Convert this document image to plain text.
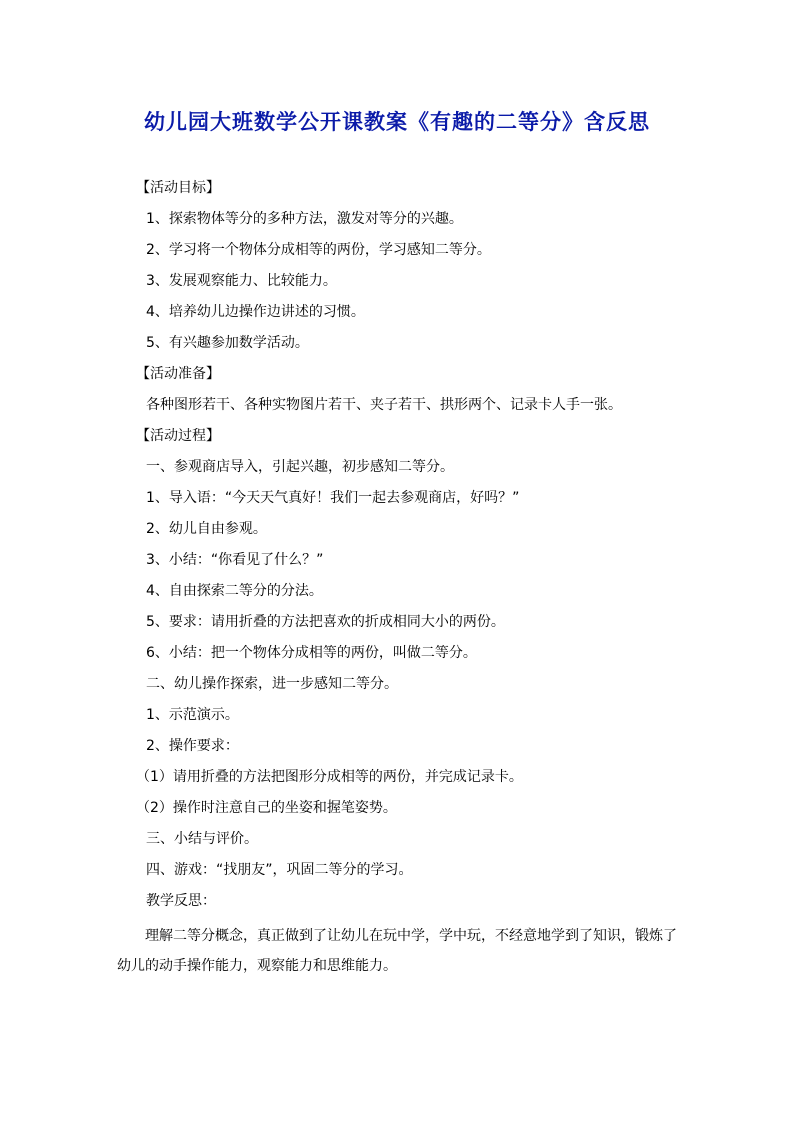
幼儿园大班数学公开课教案《有趣的二等分》含反思
【活动目标】
1、探索物体等分的多种方法，激发对等分的兴趣。
2、学习将一个物体分成相等的两份，学习感知二等分。
3、发展观察能力、比较能力。
4、培养幼儿边操作边讲述的习惯。
5、有兴趣参加数学活动。
【活动准备】
各种图形若干、各种实物图片若干、夹子若干、拱形两个、记录卡人手一张。
【活动过程】
一、参观商店导入，引起兴趣，初步感知二等分。
1、导入语：“今天天气真好！我们一起去参观商店，好吗？”
2、幼儿自由参观。
3、小结：“你看见了什么？”
4、自由探索二等分的分法。
5、要求：请用折叠的方法把喜欢的折成相同大小的两份。
6、小结：把一个物体分成相等的两份，叫做二等分。
二、幼儿操作探索，进一步感知二等分。
1、示范演示。
2、操作要求：
（1）请用折叠的方法把图形分成相等的两份，并完成记录卡。
（2）操作时注意自己的坐姿和握笔姿势。
三、小结与评价。
四、游戏：“找朋友”，巩固二等分的学习。
教学反思：
理解二等分概念，真正做到了让幼儿在玩中学，学中玩，不经意地学到了知识，锻炼了
幼儿的动手操作能力，观察能力和思维能力。
